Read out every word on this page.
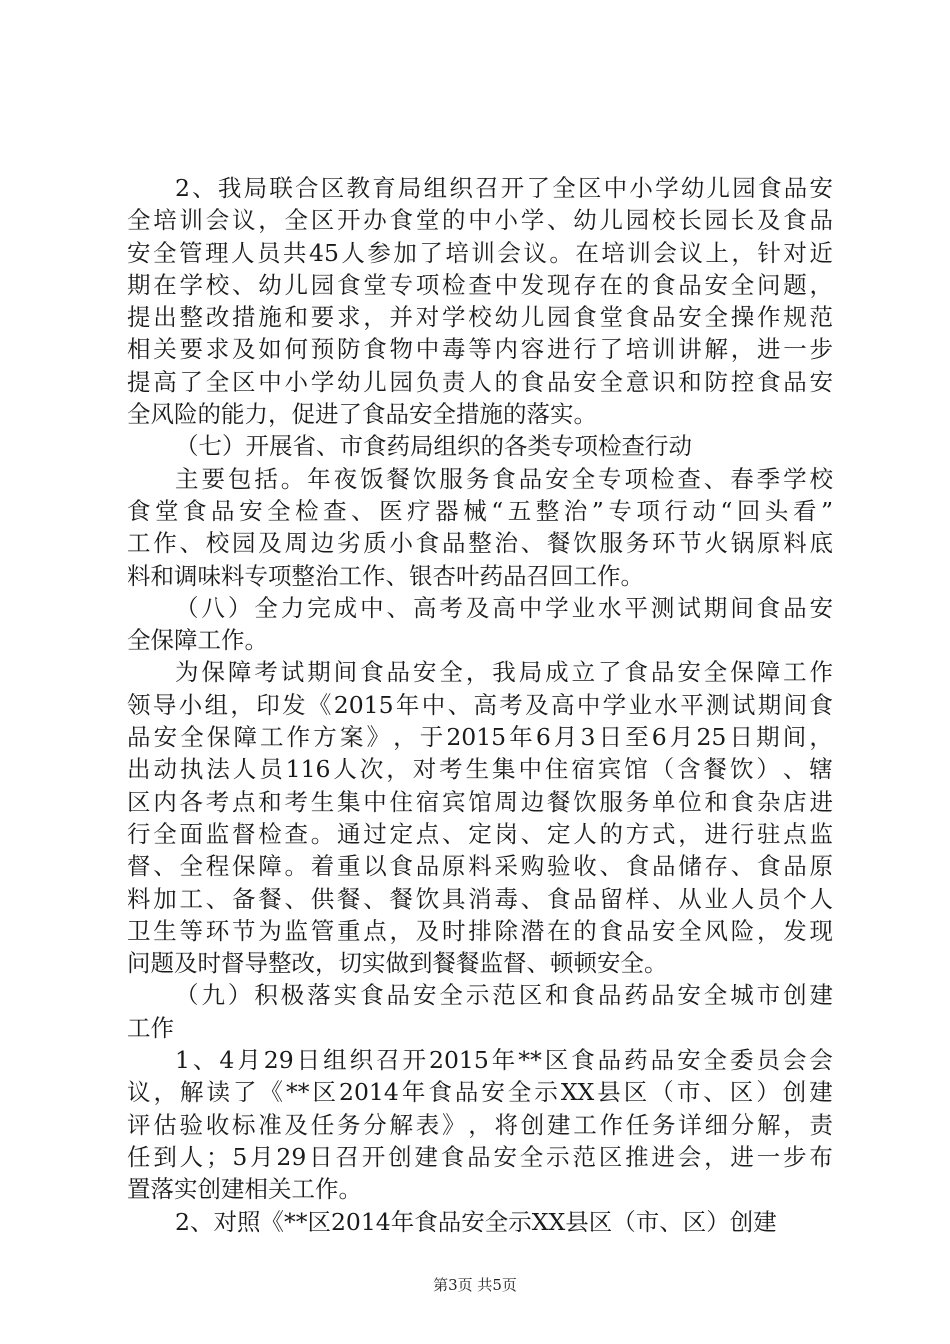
2 、 我 局 联 合 区 教 育 局 组 织 召 开 了 全 区 中 小 学 幼 儿 园 食 品 安
全 培 训 会 议 ， 全 区 开 办 食 堂 的 中 小 学 、 幼 儿 园 校 长 园 长 及 食 品
安 全 管 理 人 员 共 45 人 参 加 了 培 训 会 议 。 在 培 训 会 议 上 ， 针 对 近
期 在 学 校 、 幼 儿 园 食 堂 专 项 检 查 中 发 现 存 在 的 食 品 安 全 问 题 ，
提 出 整 改 措 施 和 要 求 ， 并 对 学 校 幼 儿 园 食 堂 食 品 安 全 操 作 规 范
相 关 要 求 及 如 何 预 防 食 物 中 毒 等 内 容 进 行 了 培 训 讲 解 ， 进 一 步
提 高 了 全 区 中 小 学 幼 儿 园 负 责 人 的 食 品 安 全 意 识 和 防 控 食 品 安
全风险的能力，促进了食品安全措施的落实。
（七）开展省、市食药局组织的各类专项检查行动
主 要 包 括 。 年 夜 饭 餐 饮 服 务 食 品 安 全 专 项 检 查 、 春 季 学 校
食 堂 食 品 安 全 检 查 、 医 疗 器 械 “ 五 整 治 ” 专 项 行 动 “ 回 头 看 ”
工 作 、 校 园 及 周 边 劣 质 小 食 品 整 治 、 餐 饮 服 务 环 节 火 锅 原 料 底
料和调味料专项整治工作、银杏叶药品召回工作。
（ 八 ） 全 力 完 成 中 、 高 考 及 高 中 学 业 水 平 测 试 期 间 食 品 安
全保障工作。
为 保 障 考 试 期 间 食 品 安 全 ， 我 局 成 立 了 食 品 安 全 保 障 工 作
领 导 小 组 ， 印 发 《 2015 年 中 、 高 考 及 高 中 学 业 水 平 测 试 期 间 食
品 安 全 保 障 工 作 方 案 》 ， 于 2015 年 6 月 3 日 至 6 月 25 日 期 间 ，
出 动 执 法 人 员 116 人 次 ， 对 考 生 集 中 住 宿 宾 馆 （ 含 餐 饮 ） 、 辖
区 内 各 考 点 和 考 生 集 中 住 宿 宾 馆 周 边 餐 饮 服 务 单 位 和 食 杂 店 进
行 全 面 监 督 检 查 。 通 过 定 点 、 定 岗 、 定 人 的 方 式 ， 进 行 驻 点 监
督 、 全 程 保 障 。 着 重 以 食 品 原 料 采 购 验 收 、 食 品 储 存 、 食 品 原
料 加 工 、 备 餐 、 供 餐 、 餐 饮 具 消 毒 、 食 品 留 样 、 从 业 人 员 个 人
卫 生 等 环 节 为 监 管 重 点 ， 及 时 排 除 潜 在 的 食 品 安 全 风 险 ， 发 现
问题及时督导整改，切实做到餐餐监督、顿顿安全。
（ 九 ） 积 极 落 实 食 品 安 全 示 范 区 和 食 品 药 品 安 全 城 市 创 建
工作
1 、 4 月 29 日 组 织 召 开 2015 年 ** 区 食 品 药 品 安 全 委 员 会 会
议 ， 解 读 了 《 ** 区 2014 年 食 品 安 全 示 XX 县 区 （ 市 、 区 ） 创 建
评 估 验 收 标 准 及 任 务 分 解 表 》 ， 将 创 建 工 作 任 务 详 细 分 解 ， 责
任 到 人 ； 5 月 29 日 召 开 创 建 食 品 安 全 示 范 区 推 进 会 ， 进 一 步 布
置落实创建相关工作。
2、对照《**区2014年食品安全示XX县区（市、区）创建
第3页 共5页
